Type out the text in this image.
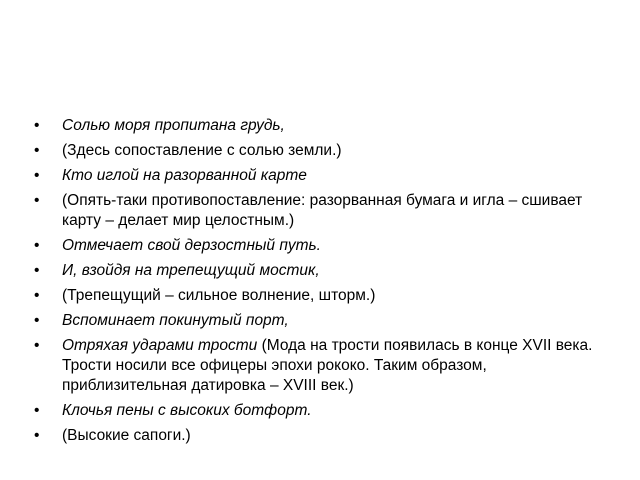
• Солью моря пропитана грудь,
• (Здесь сопоставление с солью земли.)
• Кто иглой на разорванной карте
• (Опять-таки противопоставление: разорванная бумага и игла – сшивает карту – делает мир целостным.)
• Отмечает свой дерзостный путь.
• И, взойдя на трепещущий мостик,
• (Трепещущий – сильное волнение, шторм.)
• Вспоминает покинутый порт,
• Отряхая ударами трости (Мода на трости появилась в конце XVII века. Трости носили все офицеры эпохи рококо. Таким образом, приблизительная датировка – XVIII век.)
• Клочья пены с высоких ботфорт.
• (Высокие сапоги.)
